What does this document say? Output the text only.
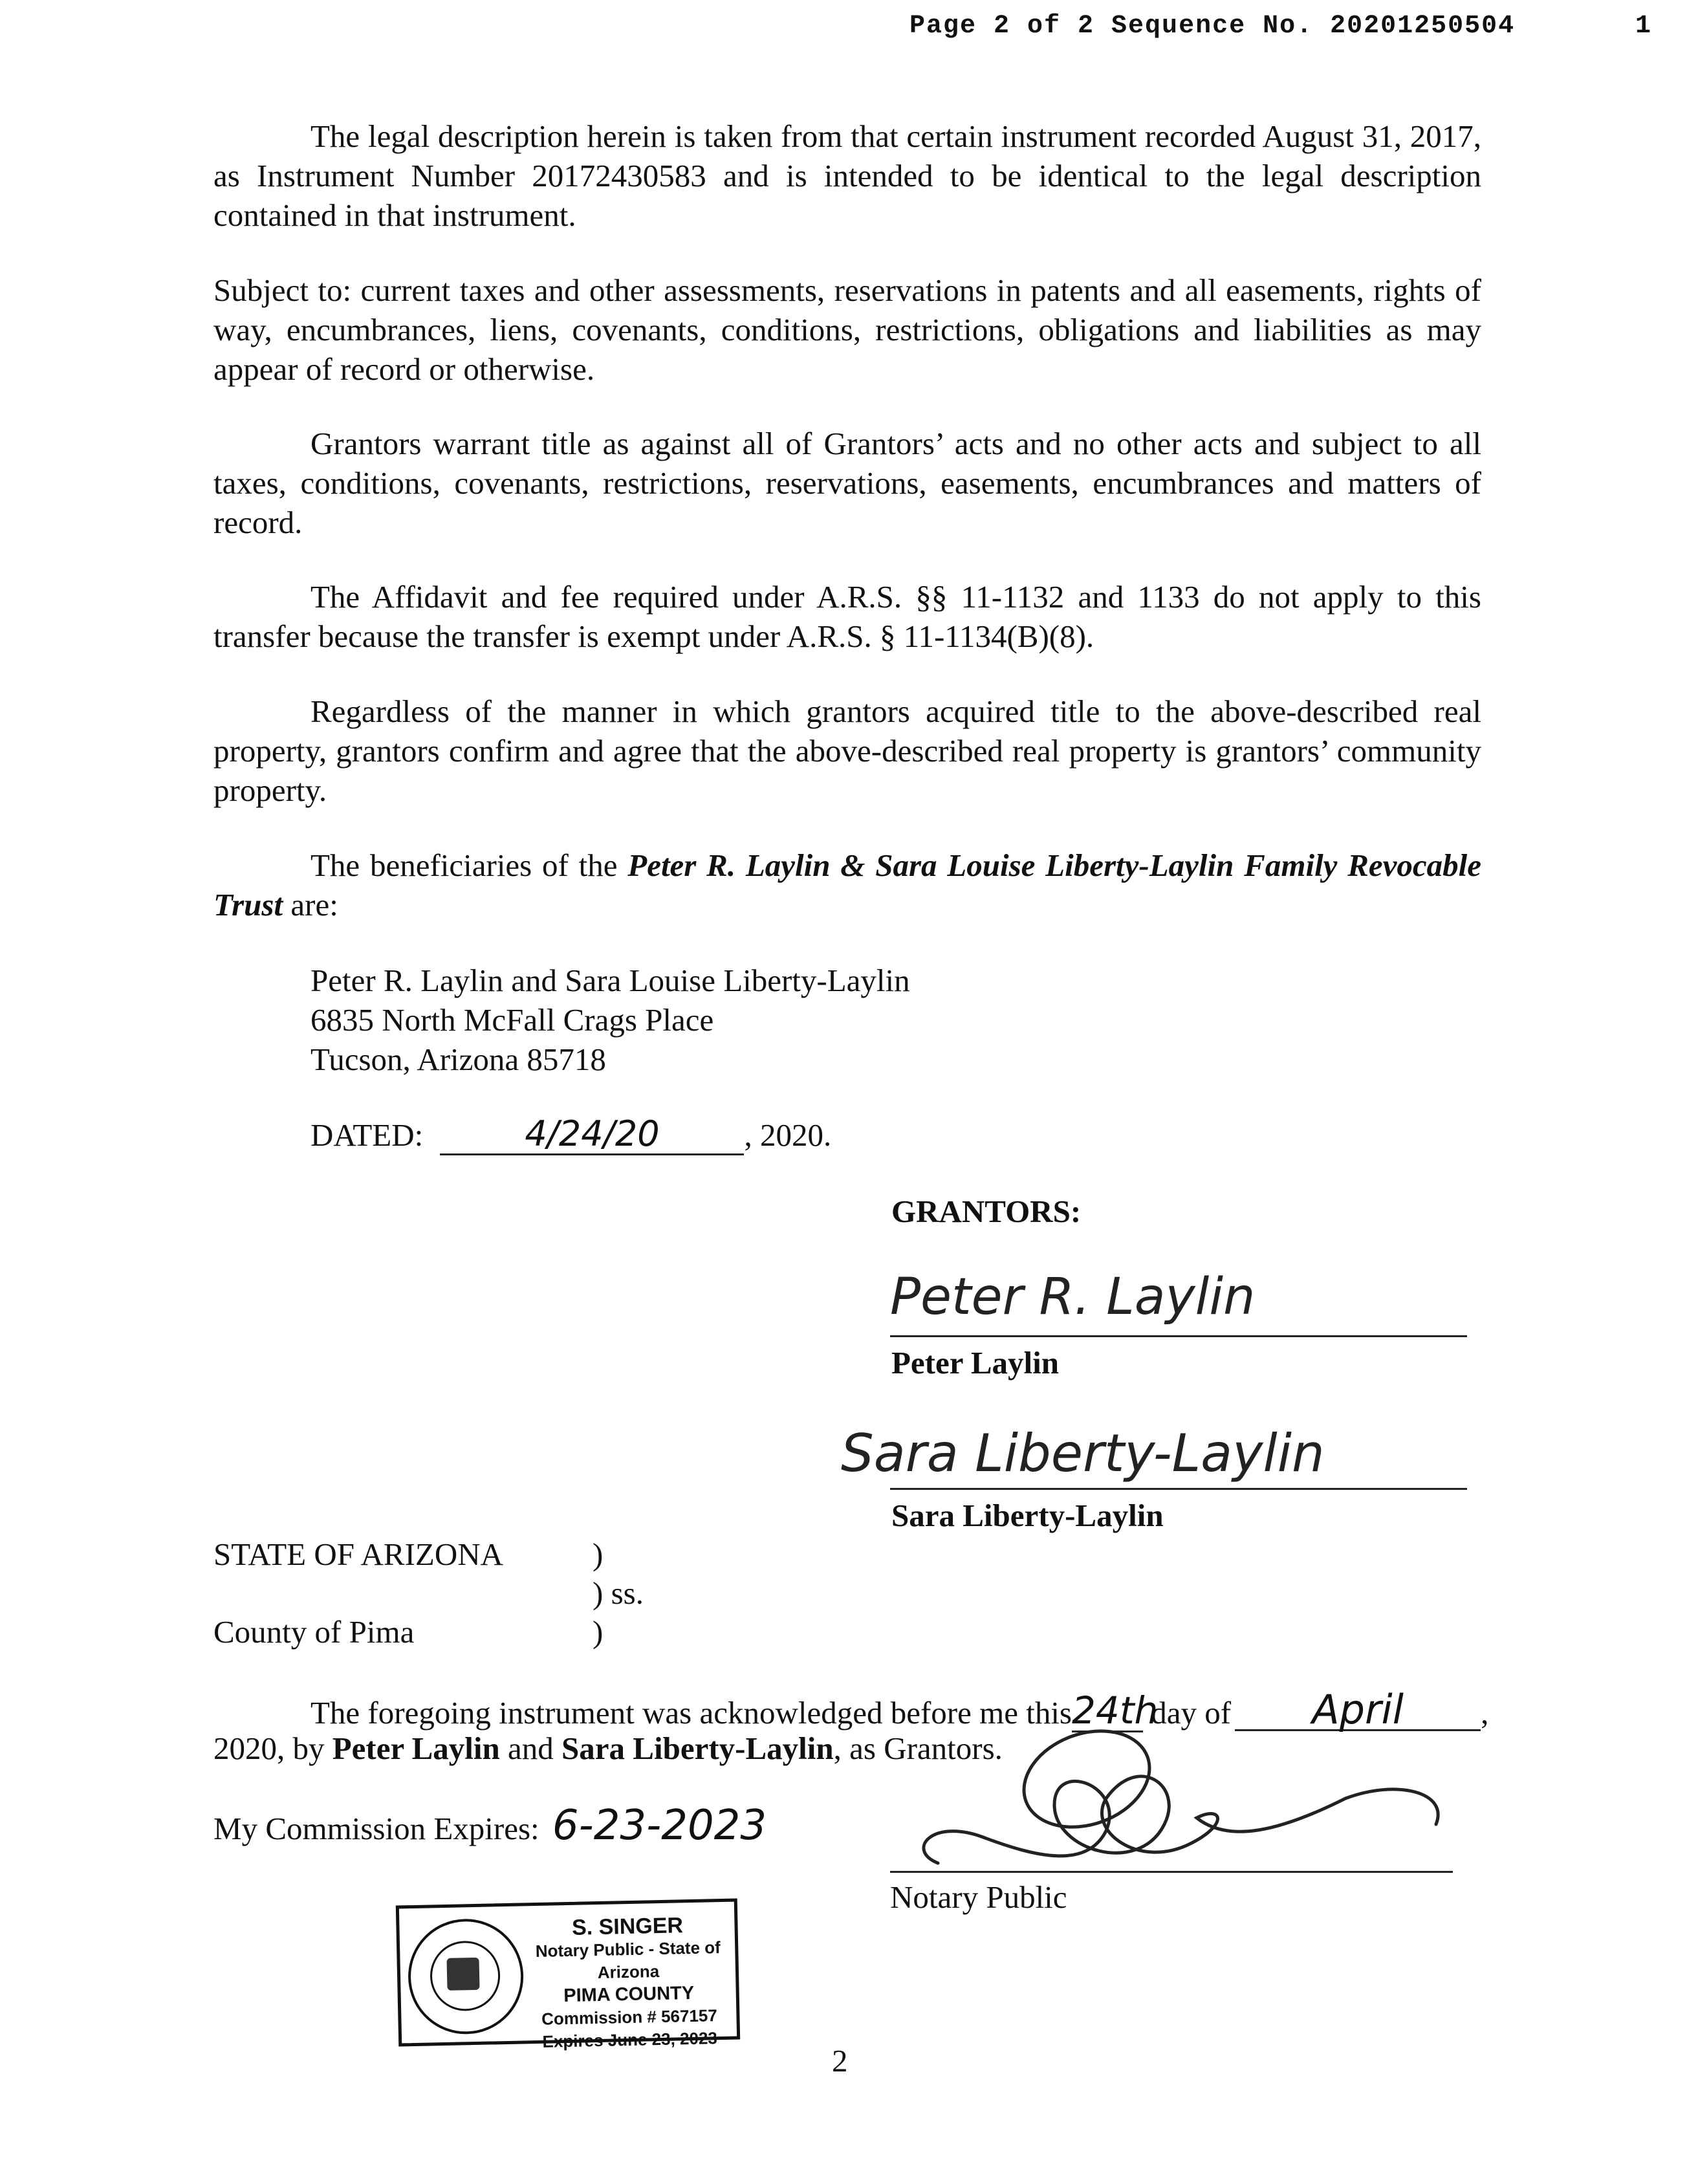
Page 2 of 2 Sequence No. 20201250504	1
The legal description herein is taken from that certain instrument recorded August 31, 2017, as Instrument Number 20172430583 and is intended to be identical to the legal description contained in that instrument.
Subject to: current taxes and other assessments, reservations in patents and all easements, rights of way, encumbrances, liens, covenants, conditions, restrictions, obligations and liabilities as may appear of record or otherwise.
Grantors warrant title as against all of Grantors’ acts and no other acts and subject to all taxes, conditions, covenants, restrictions, reservations, easements, encumbrances and matters of record.
The Affidavit and fee required under A.R.S. §§ 11-1132 and 1133 do not apply to this transfer because the transfer is exempt under A.R.S. § 11-1134(B)(8).
Regardless of the manner in which grantors acquired title to the above-described real property, grantors confirm and agree that the above-described real property is grantors’ community property.
The beneficiaries of the Peter R. Laylin & Sara Louise Liberty-Laylin Family Revocable Trust are:
Peter R. Laylin and Sara Louise Liberty-Laylin
6835 North McFall Crags Place
Tucson, Arizona 85718
DATED:	4/24/20	, 2020.
GRANTORS:
Peter R. Laylin
Peter Laylin
Sara Liberty-Laylin
Sara Liberty-Laylin
STATE OF ARIZONA	)
) ss.
County of Pima	)
The foregoing instrument was acknowledged before me this24th day of April ,
2020, by Peter Laylin and Sara Liberty-Laylin, as Grantors.
My Commission Expires: 6-23-2023
Notary Public
S. SINGER
Notary Public - State of Arizona
PIMA COUNTY
Commission # 567157
Expires June 23, 2023
2
